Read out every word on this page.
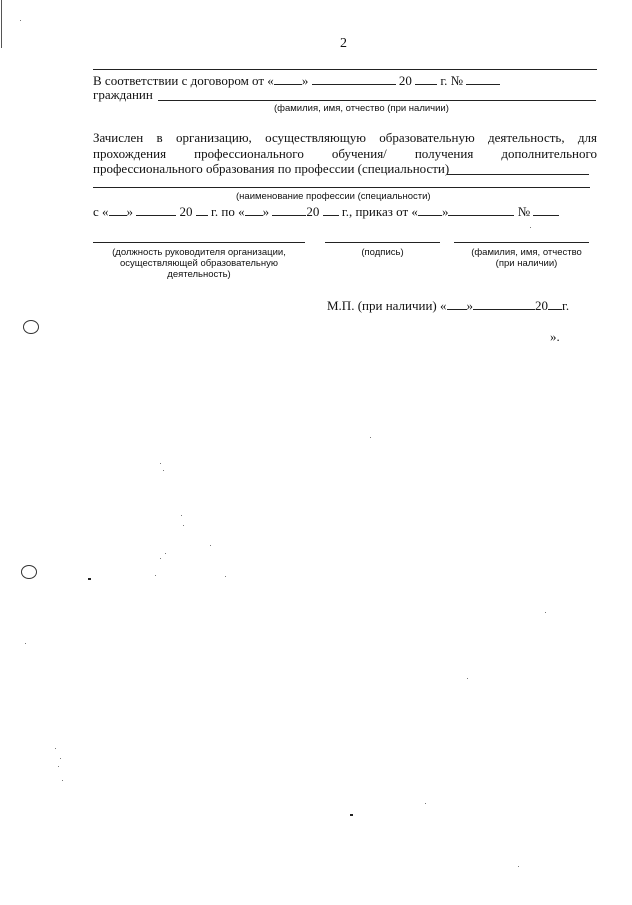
2
В соответствии с договором от « »	20 г. №
гражданин
(фамилия, имя, отчество (при наличии)
Зачислен в организацию, осуществляющую образовательную деятельность, для
прохождения профессионального обучения/ получения дополнительного
профессионального образования по профессии (специальности)
(наименование профессии (специальности)
с « »	20 г. по « »	20 г., приказ от « »	№
(должность руководителя организации,
осуществляющей образовательную
деятельность)
(подпись)	(фамилия, имя, отчество
(при наличии)
М.П. (при наличии) « »	20 г.
».
